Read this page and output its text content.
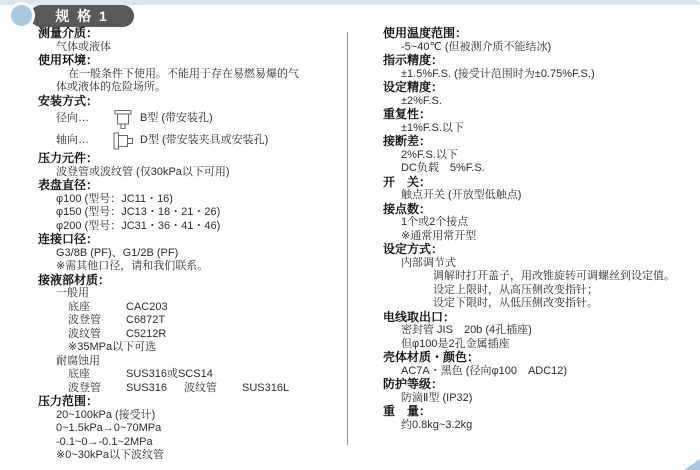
规 格 1
测量介质：
气体或液体
使用环境：
在一般条件下使用。不能用于存在易燃易爆的气
体或液体的危险场所。
安装方式：
径向…	B型 (带安装孔)
轴向…	D型 (带安装夹具或安装孔)
压力元件：
波登管或波纹管 (仅30kPa以下可用)
表盘直径：
φ100 (型号：JC11・16)
φ150 (型号：JC13・18・21・26)
φ200 (型号：JC31・36・41・46)
连接口径：
G3/8B (PF)、G1/2B (PF)
※需其他口径，请和我们联系。
接液部材质：
一般用
底座	CAC203
波登管 C6872T
波纹管 C5212R
※35MPa以下可选
耐腐蚀用
底座	SUS316或SCS14
波登管 SUS316 波纹管 SUS316L
压力范围：
20~100kPa (接受计)
0~1.5kPa→0~70MPa
-0.1~0→-0.1~2MPa
※0~30kPa以下波纹管
使用温度范围：
-5~40℃ (但被测介质不能结冰)
指示精度：
±1.5%F.S. (接受计范围时为±0.75%F.S.)
设定精度：
±2%F.S.
重复性：
±1%F.S.以下
接断差：
2%F.S.以下
DC负载　5%F.S.
开　关：
触点开关 (开放型低触点)
接点数：
1个或2个接点
※通常用常开型
设定方式：
内部调节式
调解时打开盖子，用改锥旋转可调螺丝到设定值。
设定上限时，从高压侧改变指针；
设定下限时，从低压侧改变指针。
电线取出口：
密封管 JIS　20b (4孔插座)
但φ100是2孔金属插座
壳体材质・颜色：
AC7A・黑色 (径向φ100　ADC12)
防护等级：
防滴Ⅱ型 (IP32)
重　量：
约0.8kg~3.2kg
